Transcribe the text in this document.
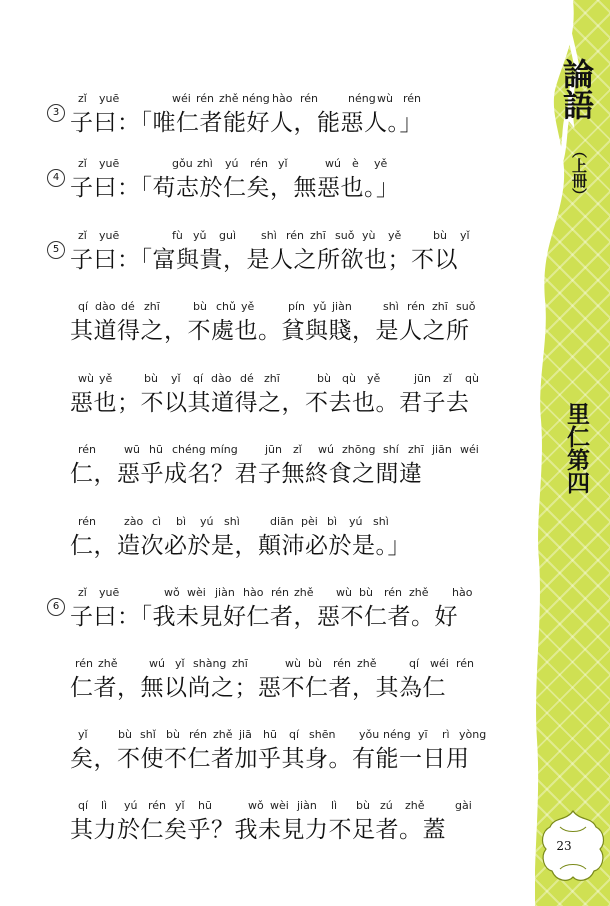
zǐ yuē	wéi rén zhě néng hào rén	néng wù rén
3 子曰：「唯仁者能好人，能惡人。」
zǐ yuē	gǒu zhì yú rén yǐ	wú è yě
4 子曰：「苟志於仁矣，無惡也。」
zǐ yuē	fù yǔ guì shì rén zhī suǒ yù yě	bù yǐ
5 子曰：「富與貴，是人之所欲也；不以
qí dào dé zhī	bù chǔ yě	pín yǔ jiàn	shì rén zhī suǒ
其道得之，不處也。貧與賤，是人之所
wù yě	bù yǐ qí dào dé zhī	bù qù yě	jūn zǐ qù
惡也；不以其道得之，不去也。君子去
rén	wū hū chéng míng jūn zǐ wú zhōng shí zhī jiān wéi
仁，惡乎成名？君子無終食之間違
rén	zào cì bì yú shì	diān pèi bì yú shì
仁，造次必於是，顛沛必於是。」
zǐ yuē	wǒ wèi jiàn hào rén zhě wù bù rén zhě hào
6 子曰：「我未見好仁者，惡不仁者。好
rén zhě	wú yǐ shàng zhī	wù bù rén zhě	qí wéi rén
仁者，無以尚之；惡不仁者，其為仁
yǐ	bù shǐ bù rén zhě jiā hū qí shēn yǒu néng yī rì yòng
矣，不使不仁者加乎其身。有能一日用
qí lì yú rén yǐ hū	wǒ wèi jiàn lì bù zú zhě	gài
其力於仁矣乎？我未見力不足者。蓋
論語
（上冊）
里仁第四
23
